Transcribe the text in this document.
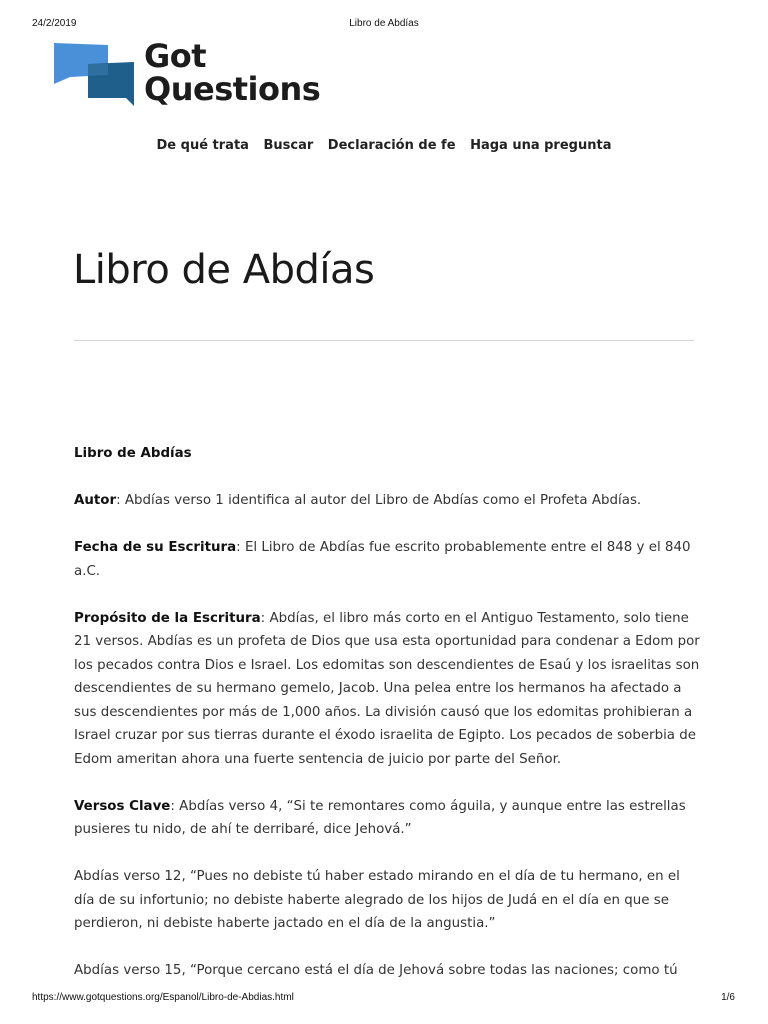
24/2/2019	Libro de Abdías
Got
Questions
De qué trata Buscar Declaración de fe Haga una pregunta
Libro de Abdías

Libro de Abdías

Autor: Abdías verso 1 identifica al autor del Libro de Abdías como el Profeta Abdías.

Fecha de su Escritura: El Libro de Abdías fue escrito probablemente entre el 848 y el 840 a.C.

Propósito de la Escritura: Abdías, el libro más corto en el Antiguo Testamento, solo tiene 21 versos. Abdías es un profeta de Dios que usa esta oportunidad para condenar a Edom por los pecados contra Dios e Israel. Los edomitas son descendientes de Esaú y los israelitas son descendientes de su hermano gemelo, Jacob. Una pelea entre los hermanos ha afectado a sus descendientes por más de 1,000 años. La división causó que los edomitas prohibieran a Israel cruzar por sus tierras durante el éxodo israelita de Egipto. Los pecados de soberbia de Edom ameritan ahora una fuerte sentencia de juicio por parte del Señor.

Versos Clave: Abdías verso 4, “Si te remontares como águila, y aunque entre las estrellas pusieres tu nido, de ahí te derribaré, dice Jehová.”

Abdías verso 12, “Pues no debiste tú haber estado mirando en el día de tu hermano, en el día de su infortunio; no debiste haberte alegrado de los hijos de Judá en el día en que se perdieron, ni debiste haberte jactado en el día de la angustia.”

Abdías verso 15, “Porque cercano está el día de Jehová sobre todas las naciones; como tú

https://www.gotquestions.org/Espanol/Libro-de-Abdias.html	1/6
